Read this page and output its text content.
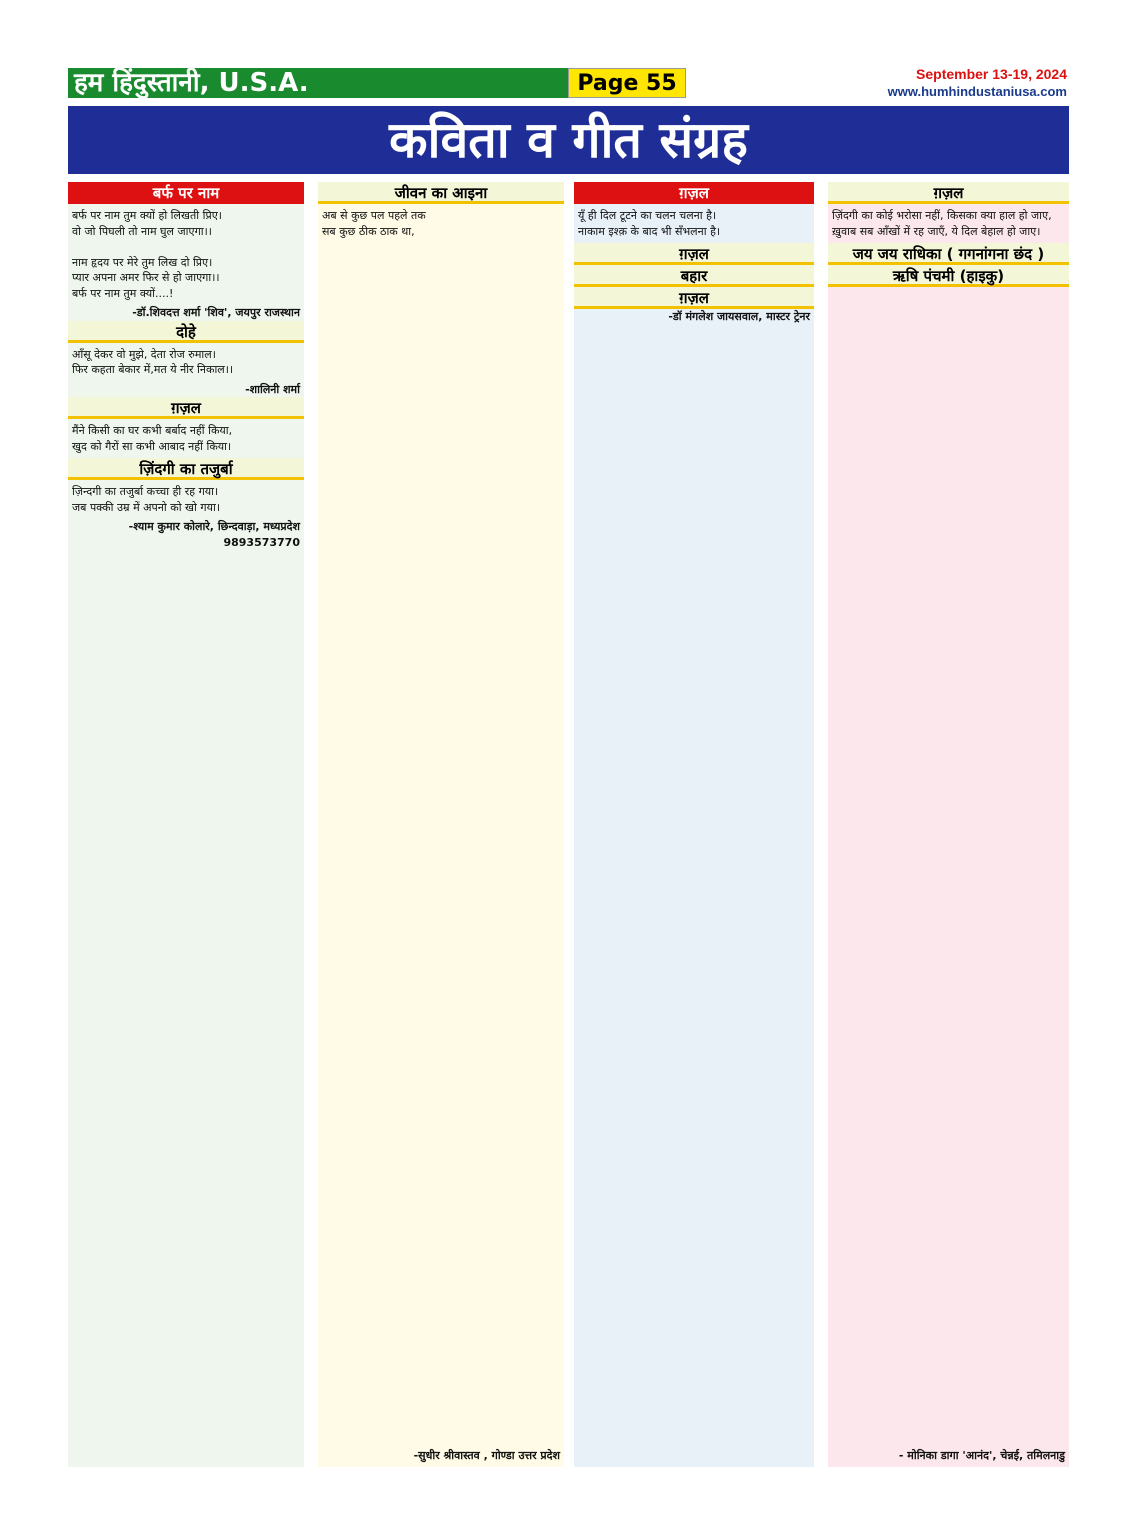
हम हिंदुस्तानी, U.S.A.	Page 55	September 13-19, 2024
www.humhindustaniusa.com
कविता व गीत संग्रह
बर्फ पर नाम
बर्फ पर नाम तुम क्यों हो लिखती प्रिए।
वो जो पिघली तो नाम घुल जाएगा।।

नाम हृदय पर मेरे तुम लिख दो प्रिए।
प्यार अपना अमर फिर से हो जाएगा।।
बर्फ पर नाम तुम क्यों....!
-डॉ.शिवदत्त शर्मा 'शिव', जयपुर राजस्थान
दोहे
आँसू देकर वो मुझे, देता रोज रुमाल।
फिर कहता बेकार में,मत ये नीर निकाल।।
-शालिनी शर्मा
ग़ज़ल
मैंने किसी का घर कभी बर्बाद नहीं किया,
खुद को गैरों सा कभी आबाद नहीं किया।
ज़िंदगी का तजुर्बा
ज़िन्दगी का तजुर्बा कच्चा ही रह गया।
जब पक्की उम्र में अपनो को खो गया।
-श्याम कुमार कोलारे, छिन्दवाड़ा, मध्यप्रदेश
9893573770
जीवन का आइना
अब से कुछ पल पहले तक
सब कुछ ठीक ठाक था,
-सुधीर श्रीवास्तव , गोण्डा उत्तर प्रदेश
ग़ज़ल
यूँ ही दिल टूटने का चलन चलना है।
नाकाम इश्क़ के बाद भी सँभलना है।
ग़ज़ल
बहार
ग़ज़ल
-डॉ मंगलेश जायसवाल, मास्टर ट्रेनर
ग़ज़ल
ज़िंदगी का कोई भरोसा नहीं, किसका क्या हाल हो जाए,
ख़ुवाब सब आँखों में रह जाएँ, ये दिल बेहाल हो जाए।
जय जय राधिका ( गगनांगना छंद )
ऋषि पंचमी (हाइकु)
- मोनिका डागा 'आनंद', चेन्नई, तमिलनाडु
